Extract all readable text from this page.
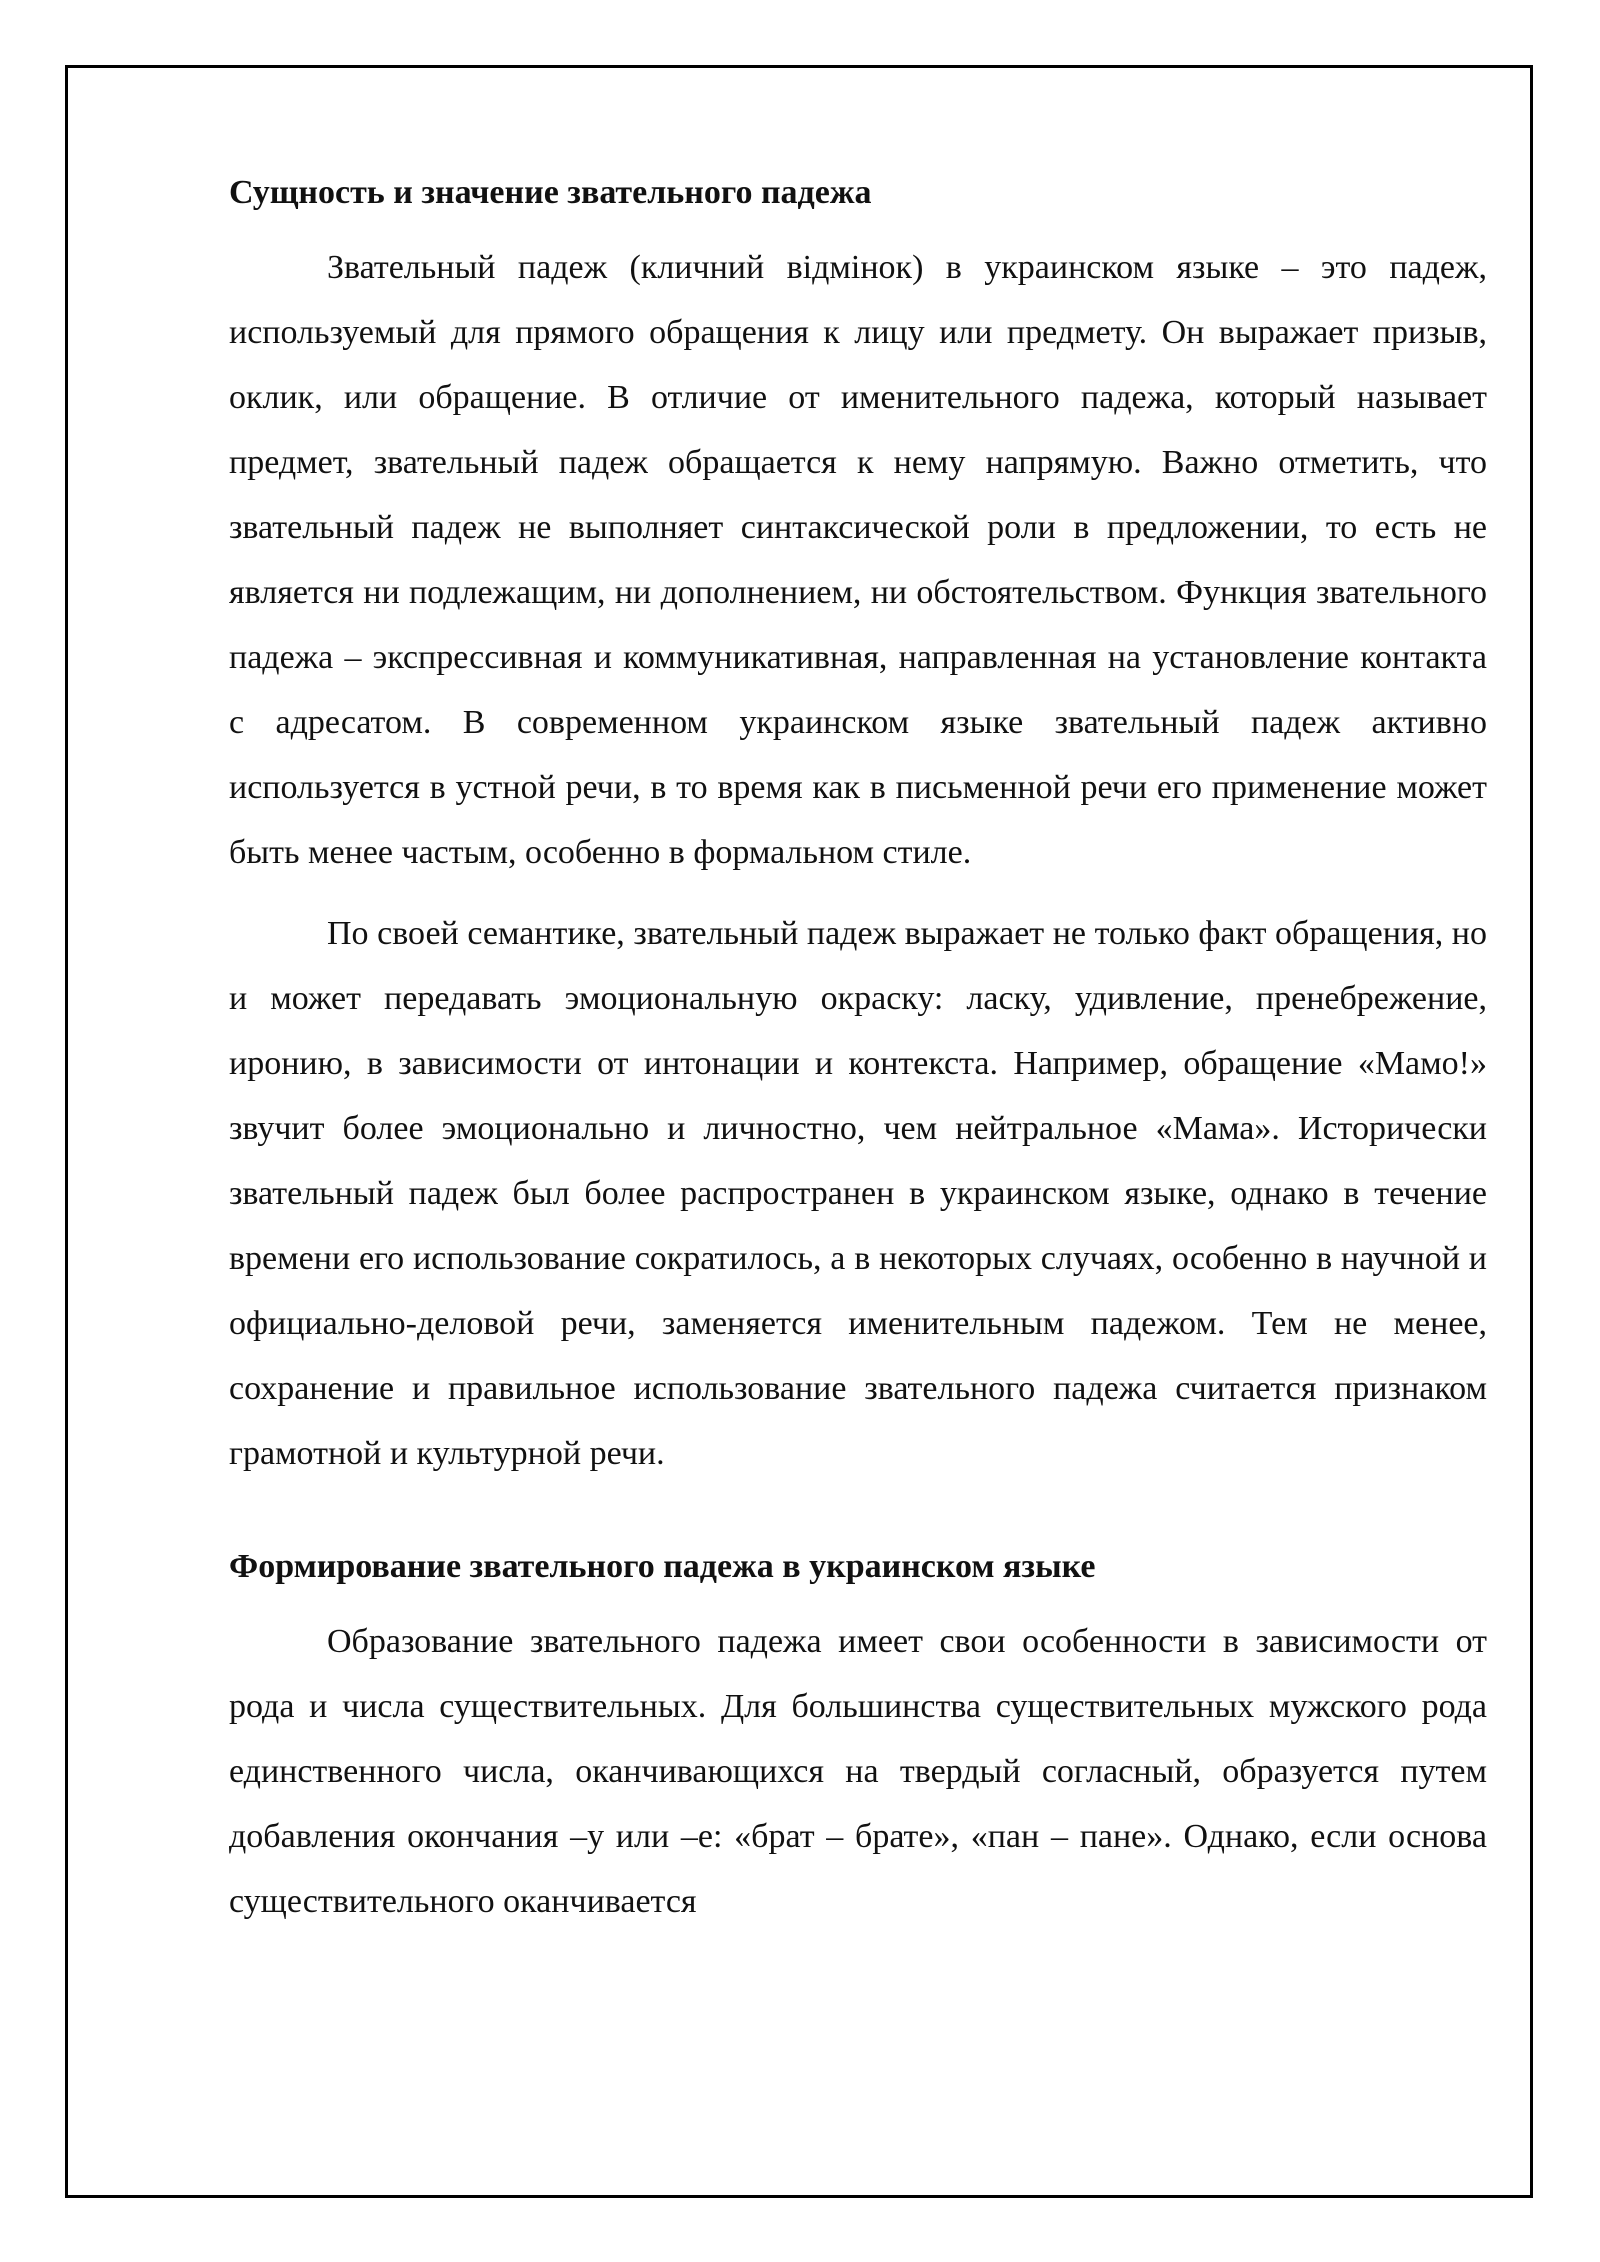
Сущность и значение звательного падежа

Звательный падеж (кличний відмінок) в украинском языке – это падеж, используемый для прямого обращения к лицу или предмету. Он выражает призыв, оклик, или обращение. В отличие от именительного падежа, который называет предмет, звательный падеж обращается к нему напрямую. Важно отметить, что звательный падеж не выполняет синтаксической роли в предложении, то есть не является ни подлежащим, ни дополнением, ни обстоятельством. Функция звательного падежа – экспрессивная и коммуникативная, направленная на установление контакта с адресатом. В современном украинском языке звательный падеж активно используется в устной речи, в то время как в письменной речи его применение может быть менее частым, особенно в формальном стиле.

По своей семантике, звательный падеж выражает не только факт обращения, но и может передавать эмоциональную окраску: ласку, удивление, пренебрежение, иронию, в зависимости от интонации и контекста. Например, обращение «Мамо!» звучит более эмоционально и личностно, чем нейтральное «Мама». Исторически звательный падеж был более распространен в украинском языке, однако в течение времени его использование сократилось, а в некоторых случаях, особенно в научной и официально-деловой речи, заменяется именительным падежом. Тем не менее, сохранение и правильное использование звательного падежа считается признаком грамотной и культурной речи.

Формирование звательного падежа в украинском языке

Образование звательного падежа имеет свои особенности в зависимости от рода и числа существительных. Для большинства существительных мужского рода единственного числа, оканчивающихся на твердый согласный, образуется путем добавления окончания –у или –е: «брат – брате», «пан – пане». Однако, если основа существительного оканчивается
